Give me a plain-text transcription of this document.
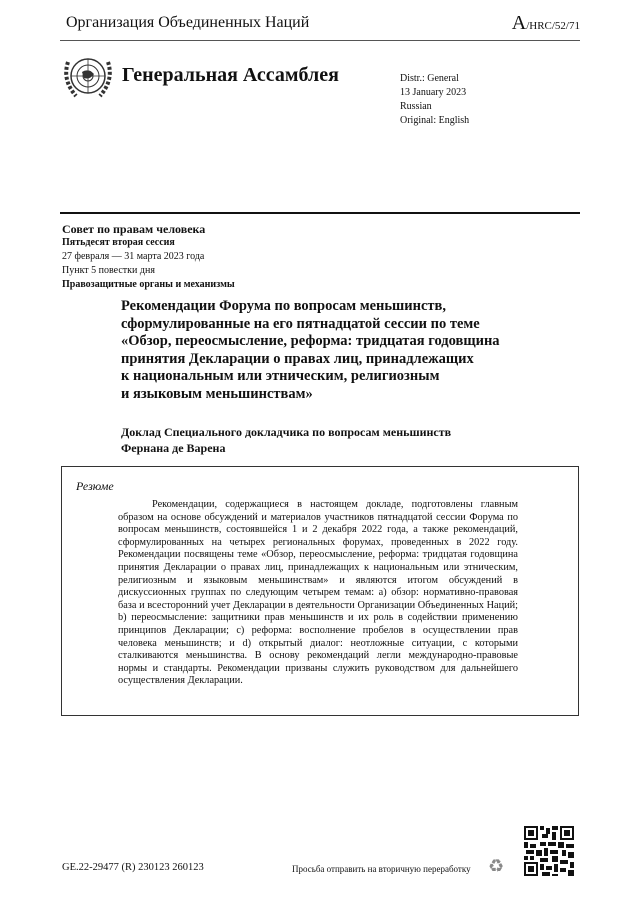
Организация Объединенных Наций	A/HRC/52/71
Генеральная Ассамблея	Distr.: General
13 January 2023
Russian
Original: English
Совет по правам человека
Пятьдесят вторая сессия
27 февраля — 31 марта 2023 года
Пункт 5 повестки дня
Правозащитные органы и механизмы
Рекомендации Форума по вопросам меньшинств,
сформулированные на его пятнадцатой сессии по теме
«Обзор, переосмысление, реформа: тридцатая годовщина
принятия Декларации о правах лиц, принадлежащих
к национальным или этническим, религиозным
и языковым меньшинствам»
Доклад Специального докладчика по вопросам меньшинств
Фернана де Варена
Резюме
Рекомендации, содержащиеся в настоящем докладе, подготовлены главным образом на основе обсуждений и материалов участников пятнадцатой сессии Форума по вопросам меньшинств, состоявшейся 1 и 2 декабря 2022 года, а также рекомендаций, сформулированных на четырех региональных форумах, проведенных в 2022 году. Рекомендации посвящены теме «Обзор, переосмысление, реформа: тридцатая годовщина принятия Декларации о правах лиц, принадлежащих к национальным или этническим, религиозным и языковым меньшинствам» и являются итогом обсуждений в дискуссионных группах по следующим четырем темам: a) обзор: нормативно-правовая база и всесторонний учет Декларации в деятельности Организации Объединенных Наций; b) переосмысление: защитники прав меньшинств и их роль в содействии применению принципов Декларации; c) реформа: восполнение пробелов в осуществлении прав человека меньшинств; и d) открытый диалог: неотложные ситуации, с которыми сталкиваются меньшинства. В основу рекомендаций легли международно-правовые нормы и стандарты. Рекомендации призваны служить руководством для дальнейшего осуществления Декларации.
GE.22-29477 (R) 230123 260123	Просьба отправить на вторичную переработку ♻
